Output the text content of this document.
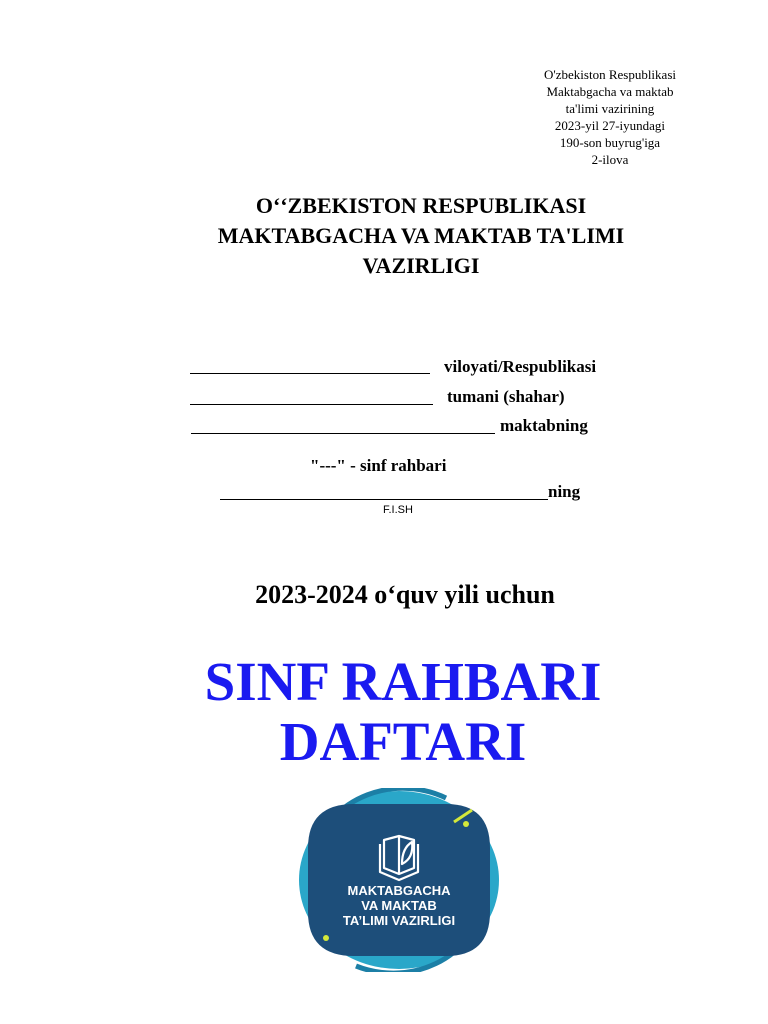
O'zbekiston Respublikasi
Maktabgacha va maktab
ta'limi vazirining
2023-yil 27-iyundagi
190-son buyrug'iga
2-ilova
Oʻ‘ZBEKISTON RESPUBLIKASI
MAKTABGACHA VA MAKTAB TA'LIMI
VAZIRLIGI
viloyati/Respublikasi
tumani (shahar)
maktabning
"---" - sinf rahbari
ning
F.I.SH
2023-2024 o‘quv yili uchun
SINF RAHBARI
DAFTARI
MAKTABGACHA
VA MAKTAB
TA’LIMI VAZIRLIGI
